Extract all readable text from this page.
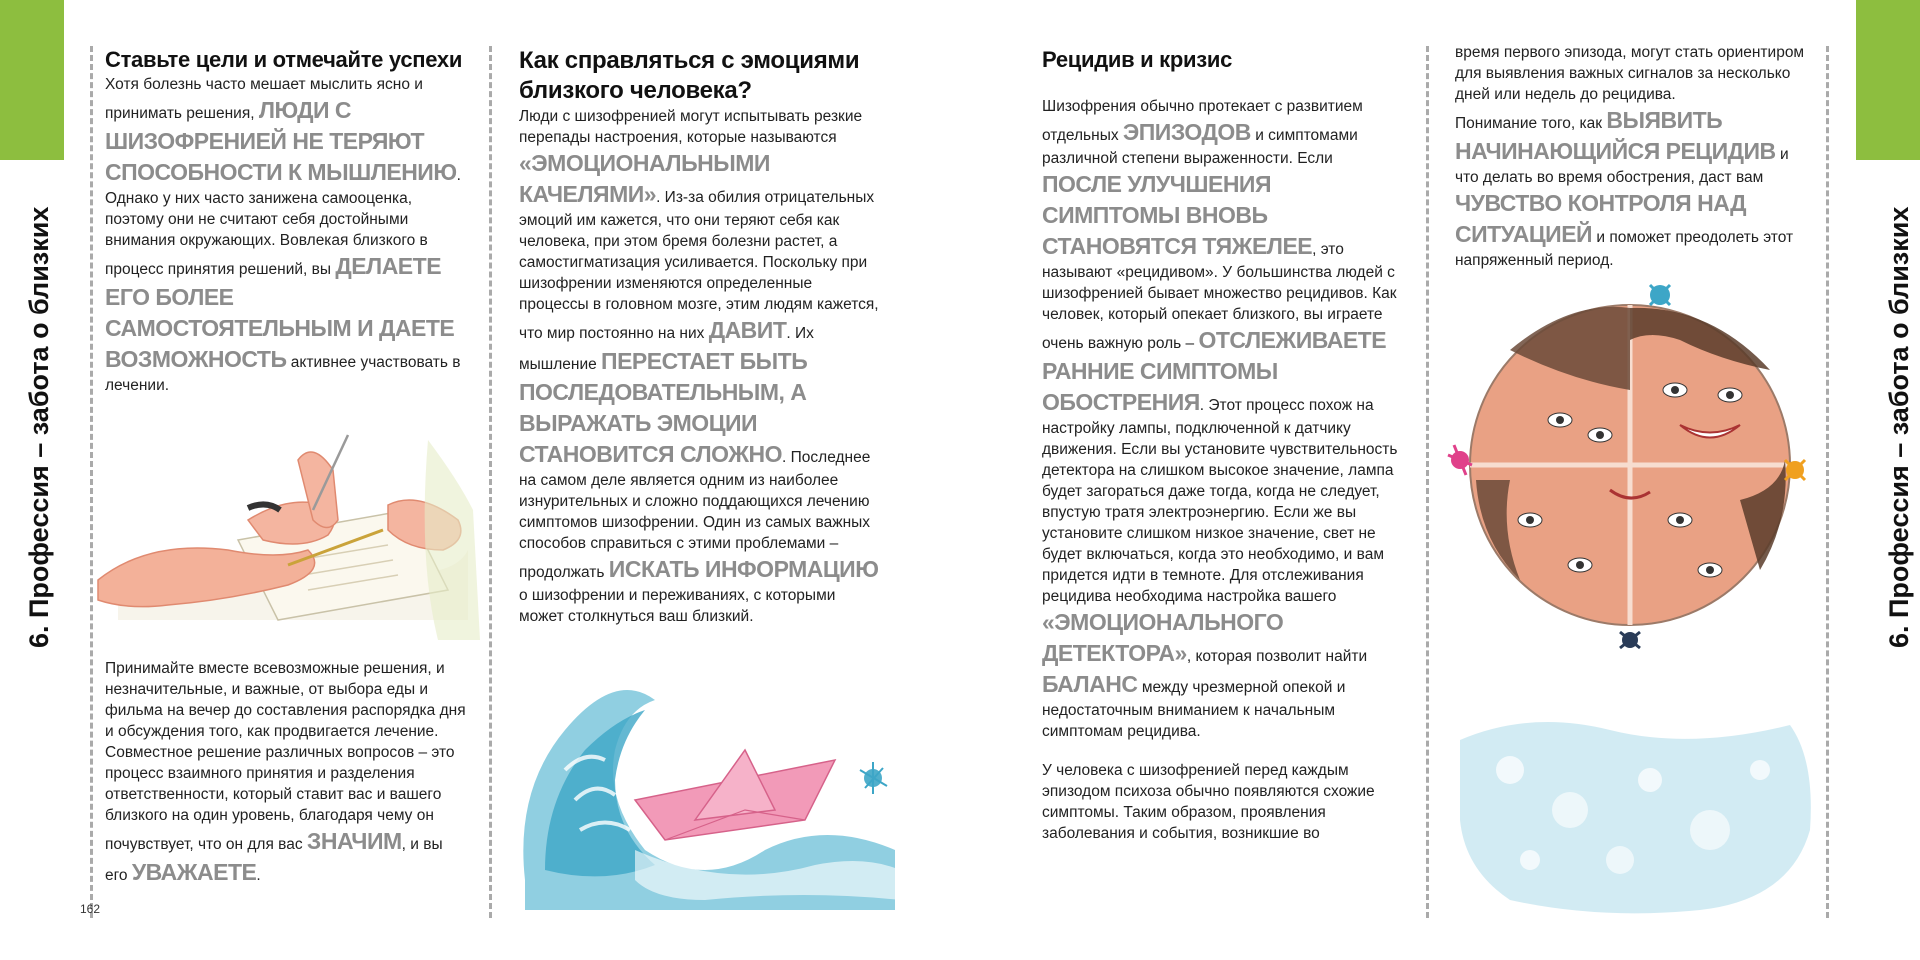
6. Профессия – забота о близких	6. Профессия – забота о близких

Ставьте цели и отмечайте успехи

Хотя болезнь часто мешает мыслить ясно и принимать решения, ЛЮДИ С ШИЗОФРЕНИЕЙ НЕ ТЕРЯЮТ СПОСОБНОСТИ К МЫШЛЕНИЮ. Однако у них часто занижена самооценка, поэтому они не считают себя достойными внимания окружающих. Вовлекая близкого в процесс принятия решений, вы ДЕЛАЕТЕ ЕГО БОЛЕЕ САМОСТОЯТЕЛЬНЫМ И ДАЕТЕ ВОЗМОЖНОСТЬ активнее участвовать в лечении.

Принимайте вместе всевозможные решения, и незначительные, и важные, от выбора еды и фильма на вечер до составления распорядка дня и обсуждения того, как продвигается лечение. Совместное решение различных вопросов – это процесс взаимного принятия и разделения ответственности, который ставит вас и вашего близкого на один уровень, благодаря чему он почувствует, что он для вас ЗНАЧИМ, и вы его УВАЖАЕТЕ.

162

Как справляться с эмоциями близкого человека?

Люди с шизофренией могут испытывать резкие перепады настроения, которые называются «ЭМОЦИОНАЛЬНЫМИ КАЧЕЛЯМИ». Из-за обилия отрицательных эмоций им кажется, что они теряют себя как человека, при этом бремя болезни растет, а самостигматизация усиливается. Поскольку при шизофрении изменяются определенные процессы в головном мозге, этим людям кажется, что мир постоянно на них ДАВИТ. Их мышление ПЕРЕСТАЕТ БЫТЬ ПОСЛЕДОВАТЕЛЬНЫМ, А ВЫРАЖАТЬ ЭМОЦИИ СТАНОВИТСЯ СЛОЖНО. Последнее на самом деле является одним из наиболее изнурительных и сложно поддающихся лечению симптомов шизофрении. Один из самых важных способов справиться с этими проблемами – продолжать ИСКАТЬ ИНФОРМАЦИЮ о шизофрении и переживаниях, с которыми может столкнуться ваш близкий.

Рецидив и кризис

Шизофрения обычно протекает с развитием отдельных ЭПИЗОДОВ и симптомами различной степени выраженности. Если ПОСЛЕ УЛУЧШЕНИЯ СИМПТОМЫ ВНОВЬ СТАНОВЯТСЯ ТЯЖЕЛЕЕ, это называют «рецидивом». У большинства людей с шизофренией бывает множество рецидивов. Как человек, который опекает близкого, вы играете очень важную роль – ОТСЛЕЖИВАЕТЕ РАННИЕ СИМПТОМЫ ОБОСТРЕНИЯ. Этот процесс похож на настройку лампы, подключенной к датчику движения. Если вы установите чувствительность детектора на слишком высокое значение, лампа будет загораться даже тогда, когда не следует, впустую тратя электроэнергию. Если же вы установите слишком низкое значение, свет не будет включаться, когда это необходимо, и вам придется идти в темноте. Для отслеживания рецидива необходима настройка вашего «ЭМОЦИОНАЛЬНОГО ДЕТЕКТОРА», которая позволит найти БАЛАНС между чрезмерной опекой и недостаточным вниманием к начальным симптомам рецидива.

У человека с шизофренией перед каждым эпизодом психоза обычно появляются схожие симптомы. Таким образом, проявления заболевания и события, возникшие во

время первого эпизода, могут стать ориентиром для выявления важных сигналов за несколько дней или недель до рецидива.

Понимание того, как ВЫЯВИТЬ НАЧИНАЮЩИЙСЯ РЕЦИДИВ и что делать во время обострения, даст вам ЧУВСТВО КОНТРОЛЯ НАД СИТУАЦИЕЙ и поможет преодолеть этот напряженный период.
